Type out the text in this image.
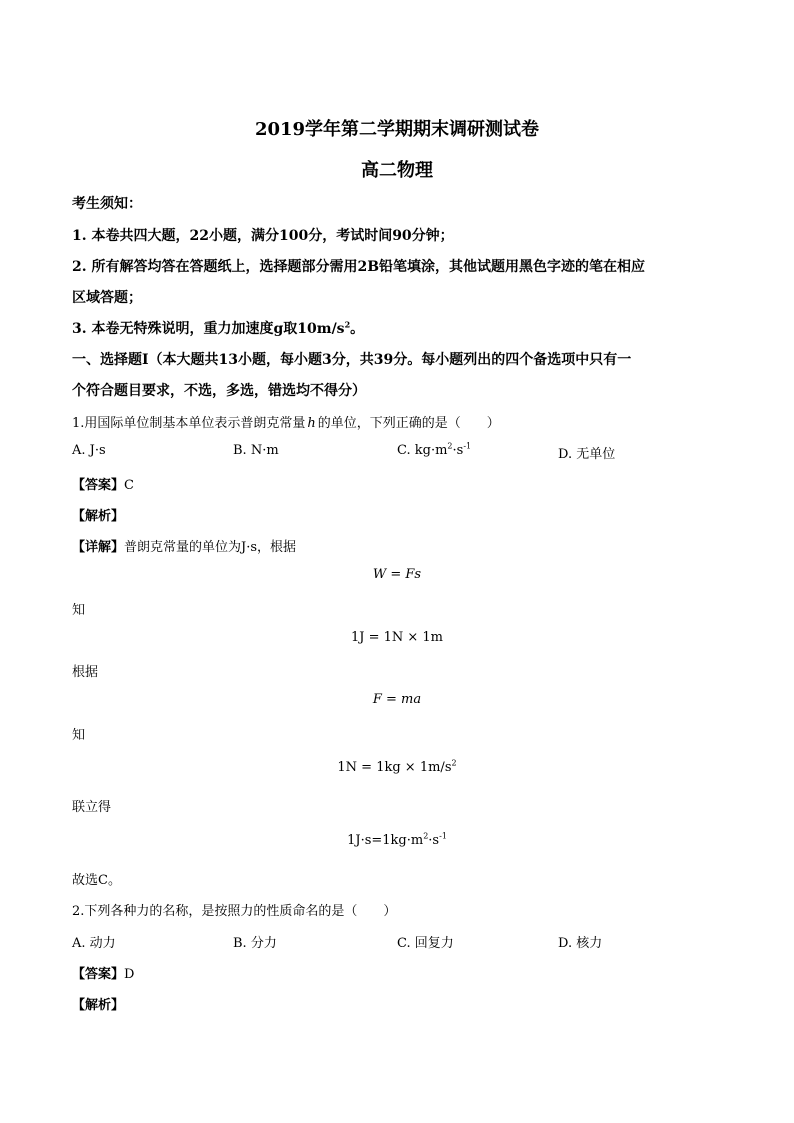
2019学年第二学期期末调研测试卷
高二物理
考生须知：
1. 本卷共四大题，22小题，满分100分，考试时间90分钟；
2. 所有解答均答在答题纸上，选择题部分需用2B铅笔填涂，其他试题用黑色字迹的笔在相应
区域答题；
3. 本卷无特殊说明，重力加速度g取$10m/s^2$。
一、选择题Ⅰ（本大题共13小题，每小题3分，共39分。每小题列出的四个备选项中只有一
个符合题目要求，不选，多选，错选均不得分）
1.用国际单位制基本单位表示普朗克常量 h 的单位，下列正确的是（　　）
A. J·s	B. N·m	C. $kg\cdot m^2\cdot s^{-1}$
D. 无单位
【答案】C
【解析】
【详解】普朗克常量的单位为J·s，根据
W = Fs
知
1J = 1N × 1m
根据
F = ma
知
$1N = 1kg \times 1m/s^2$
联立得
$1J\cdot s=1kg\cdot m^2\cdot s^{-1}$
故选C。
2.下列各种力的名称，是按照力的性质命名的是（　　）
A. 动力	B. 分力	C. 回复力	D. 核力
【答案】D
【解析】
